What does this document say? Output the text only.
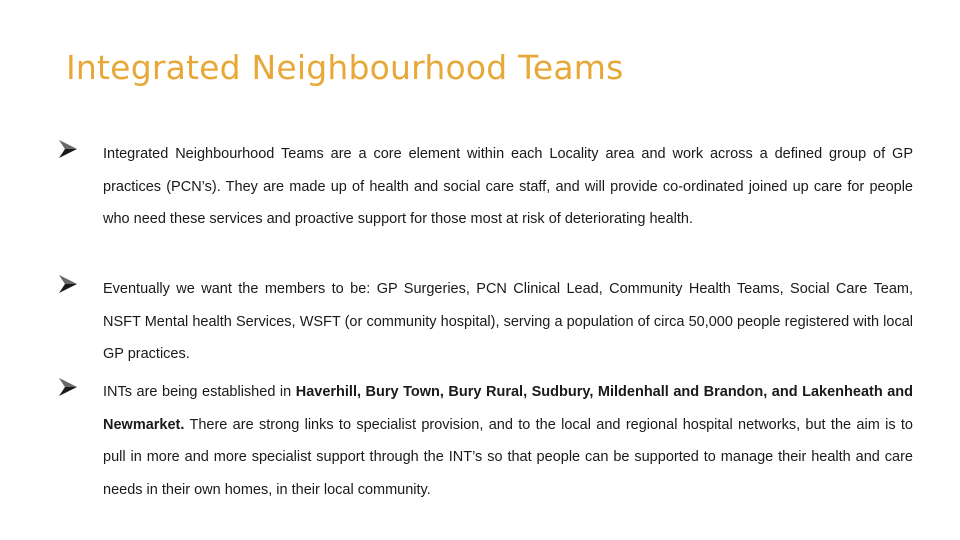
Integrated Neighbourhood Teams

Integrated Neighbourhood Teams are a core element within each Locality area and work across a defined group of GP practices (PCN’s). They are made up of health and social care staff, and will provide co-ordinated joined up care for people who need these services and proactive support for those most at risk of deteriorating health.

Eventually we want the members to be: GP Surgeries, PCN Clinical Lead, Community Health Teams, Social Care Team, NSFT Mental health Services, WSFT (or community hospital), serving a population of circa 50,000 people registered with local GP practices.

INTs are being established in Haverhill, Bury Town, Bury Rural, Sudbury, Mildenhall and Brandon, and Lakenheath and Newmarket. There are strong links to specialist provision, and to the local and regional hospital networks, but the aim is to pull in more and more specialist support through the INT’s so that people can be supported to manage their health and care needs in their own homes, in their local community.
